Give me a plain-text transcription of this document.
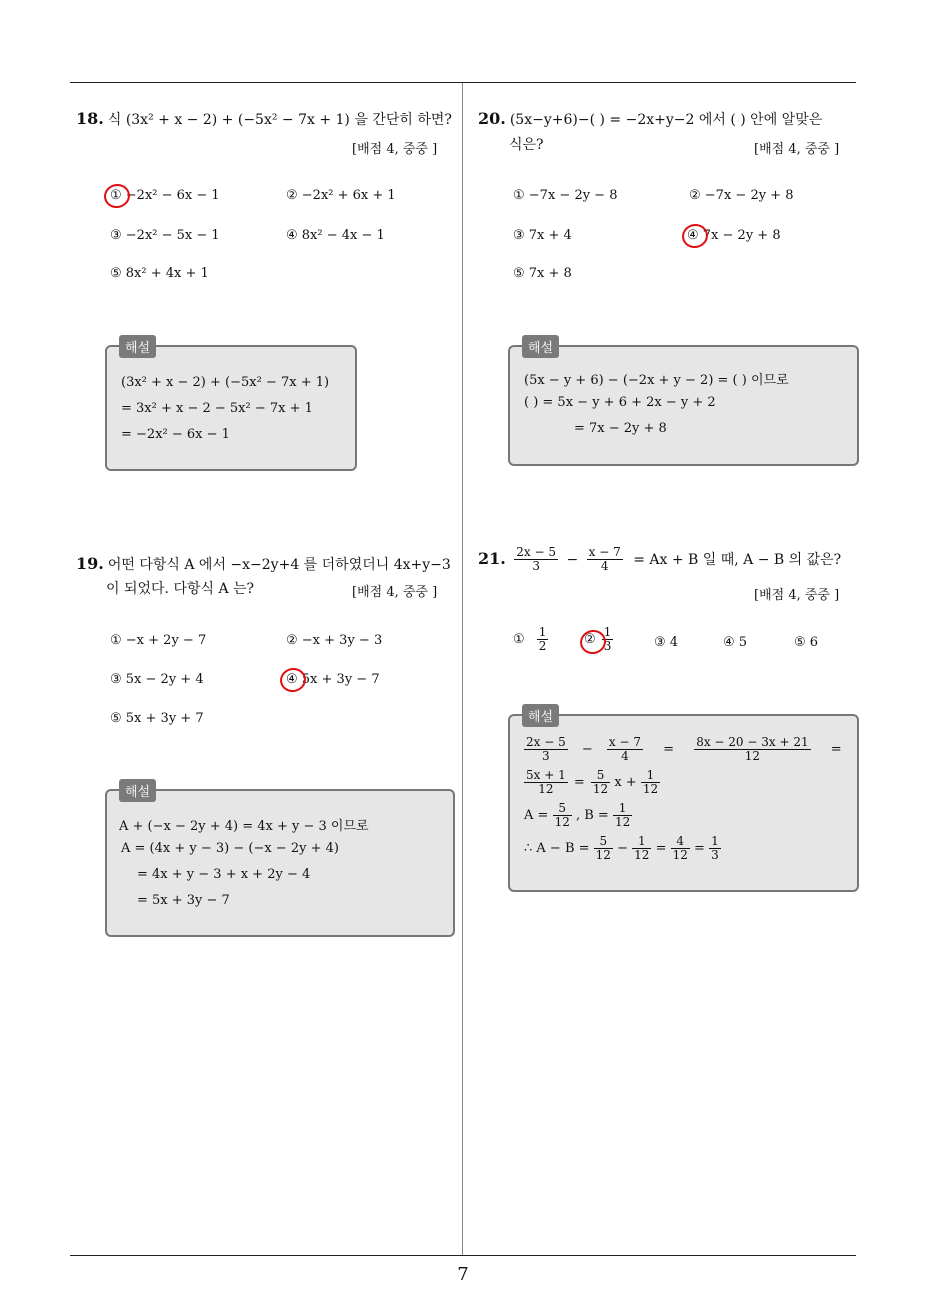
7
18. 식 (3x² + x − 2) + (−5x² − 7x + 1) 을 간단히 하면?
[배점 4, 중중 ]
① −2x² − 6x − 1	② −2x² + 6x + 1
③ −2x² − 5x − 1	④ 8x² − 4x − 1
⑤ 8x² + 4x + 1
해설
(3x² + x − 2) + (−5x² − 7x + 1)
= 3x² + x − 2 − 5x² − 7x + 1
= −2x² − 6x − 1
19. 어떤 다항식 A 에서 −x−2y+4 를 더하였더니 4x+y−3
이 되었다. 다항식 A 는?	[배점 4, 중중 ]
① −x + 2y − 7	② −x + 3y − 3
③ 5x − 2y + 4	④ 5x + 3y − 7
⑤ 5x + 3y + 7
해설
A + (−x − 2y + 4) = 4x + y − 3 이므로
A = (4x + y − 3) − (−x − 2y + 4)
= 4x + y − 3 + x + 2y − 4
= 5x + 3y − 7
20. (5x−y+6)−( ) = −2x+y−2 에서 ( ) 안에 알맞은
식은?	[배점 4, 중중 ]
① −7x − 2y − 8	② −7x − 2y + 8
③ 7x + 4	④ 7x − 2y + 8
⑤ 7x + 8
해설
(5x − y + 6) − (−2x + y − 2) = ( ) 이므로
( ) = 5x − y + 6 + 2x − y + 2
= 7x − 2y + 8
21. $\frac{2x - 5}{3} - \frac{x - 7}{4} = Ax + B$ 일 때, A − B 의 값은?
[배점 4, 중중 ]
① $\frac{1}{2}$	② $\frac{1}{3}$	③ 4	④ 5	⑤ 6
해설
$\frac{2x - 5}{3} - \frac{x - 7}{4} = \frac{8x - 20 - 3x + 21}{12}$ =
$\frac{5x + 1}{12} = \frac{5}{12}$ $x + \frac{1}{12}$
$A = \frac{5}{12}$ , $B = \frac{1}{12}$
∴ $A - B = \frac{5}{12} - \frac{1}{12} = \frac{4}{12} = \frac{1}{3}$
